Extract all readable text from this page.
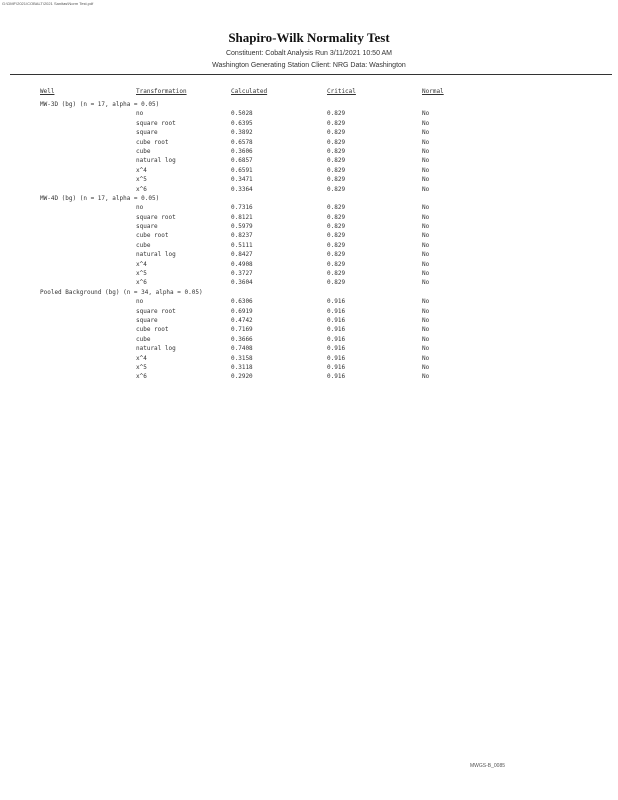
G:\DMF\2021\COBALT\2021 Sanitas\Norm Test.pdf
Shapiro-Wilk Normality Test
Constituent: Cobalt Analysis Run 3/11/2021 10:50 AM
Washington Generating Station Client: NRG Data: Washington
Well	Transformation	Calculated	Critical	Normal
MW-3D (bg) (n = 17, alpha = 0.05)
no	0.5028	0.829	No
square root	0.6395	0.829	No
square	0.3892	0.829	No
cube root	0.6578	0.829	No
cube	0.3606	0.829	No
natural log	0.6857	0.829	No
x^4	0.6591	0.829	No
x^5	0.3471	0.829	No
x^6	0.3364	0.829	No
MW-4D (bg) (n = 17, alpha = 0.05)
no	0.7316	0.829	No
square root	0.8121	0.829	No
square	0.5979	0.829	No
cube root	0.8237	0.829	No
cube	0.5111	0.829	No
natural log	0.8427	0.829	No
x^4	0.4908	0.829	No
x^5	0.3727	0.829	No
x^6	0.3604	0.829	No
Pooled Background (bg) (n = 34, alpha = 0.05)
no	0.6306	0.916	No
square root	0.6919	0.916	No
square	0.4742	0.916	No
cube root	0.7169	0.916	No
cube	0.3666	0.916	No
natural log	0.7408	0.916	No
x^4	0.3158	0.916	No
x^5	0.3118	0.916	No
x^6	0.2920	0.916	No
MWGS-B_0085
